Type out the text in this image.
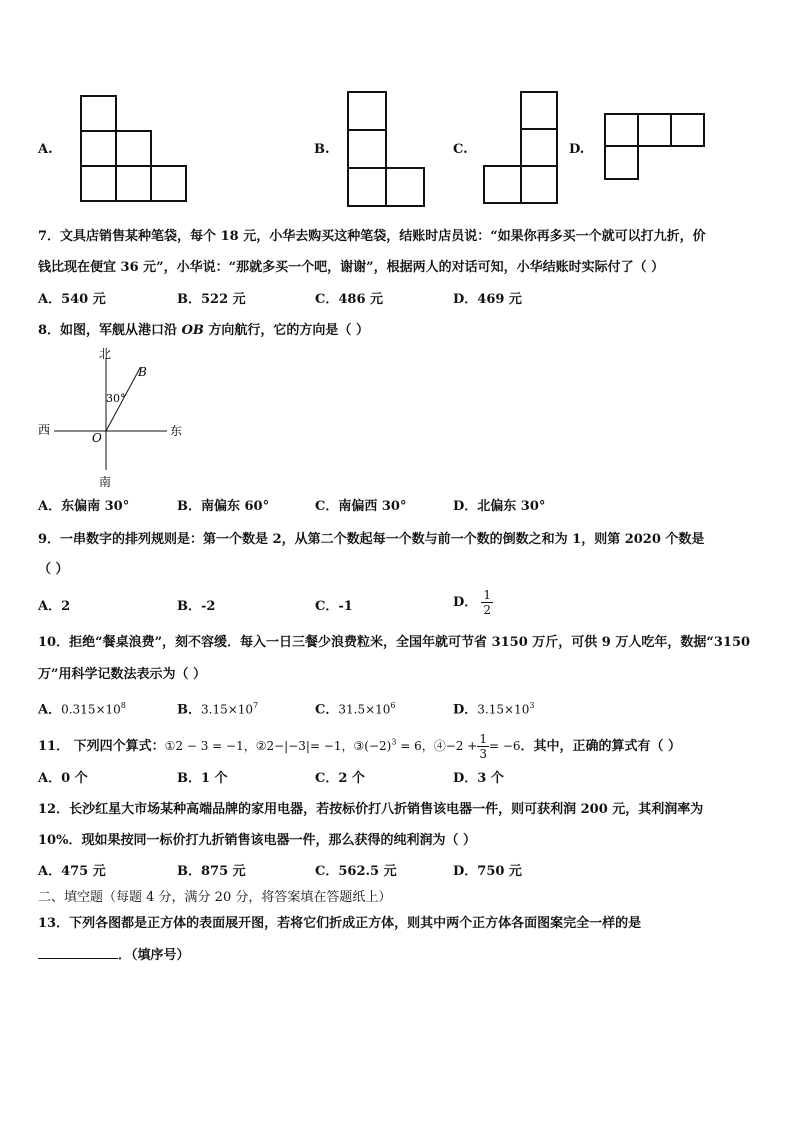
A.	B.	C.	D.
7．文具店销售某种笔袋，每个 18 元，小华去购买这种笔袋，结账时店员说：“如果你再多买一个就可以打九折，价
钱比现在便宜 36 元”，小华说：“那就多买一个吧，谢谢”，根据两人的对话可知，小华结账时实际付了（ ）
A．540 元	B．522 元	C．486 元	D．469 元
8．如图，军舰从港口沿 OB 方向航行，它的方向是（ ）
北
南
西	东
O
B
30°
A．东偏南 30°	B．南偏东 60°	C．南偏西 30°	D．北偏东 30°
9．一串数字的排列规则是：第一个数是 2，从第二个数起每一个数与前一个数的倒数之和为 1，则第 2020 个数是
（ ）
A．2	B．-2	C．-1	D． $\frac{1}{2}$
10．拒绝“餐桌浪费”，刻不容缓．每入一日三餐少浪费粒米，全国年就可节省 3150 万斤，可供 9 万人吃年，数据“3150
万”用科学记数法表示为（ ）
A．$0.315\times 10^8$	B．$3.15\times 10^7$	C．$31.5\times 10^6$	D．$3.15\times 10^3$
11． 下列四个算式：①2 − 3 = −1，②2−|−3|= −1，$③(-2)^3 = 6$，④−2 + $\frac{1}{3} = -6$．其中，正确的算式有（ ）
A．0 个	B．1 个	C．2 个	D．3 个
12．长沙红星大市场某种高端品牌的家用电器，若按标价打八折销售该电器一件，则可获利润 200 元，其利润率为
10%．现如果按同一标价打九折销售该电器一件，那么获得的纯利润为（ ）
A．475 元	B．875 元	C．562.5 元	D．750 元
二、填空题（每题 4 分，满分 20 分，将答案填在答题纸上）
13．下列各图都是正方体的表面展开图，若将它们折成正方体，则其中两个正方体各面图案完全一样的是
．（填序号）
